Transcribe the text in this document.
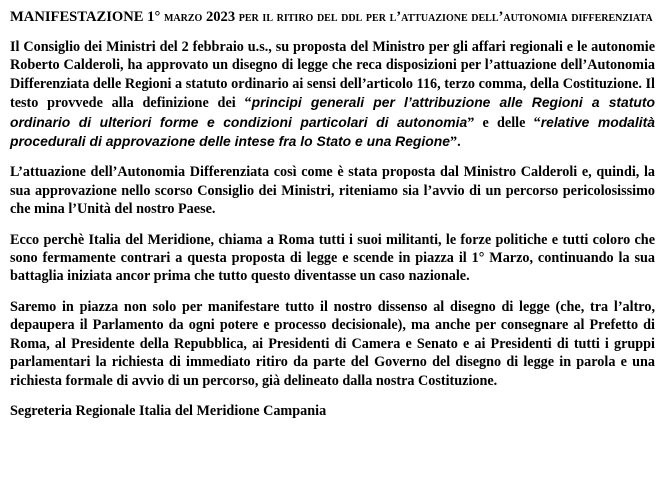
MANIFESTAZIONE 1° marzo 2023 per il ritiro del ddl per l’attuazione dell’autonomia differenziata

Il Consiglio dei Ministri del 2 febbraio u.s., su proposta del Ministro per gli affari regionali e le autonomie Roberto Calderoli, ha approvato un disegno di legge che reca disposizioni per l’attuazione dell’Autonomia Differenziata delle Regioni a statuto ordinario ai sensi dell’articolo 116, terzo comma, della Costituzione. Il testo provvede alla definizione dei “principi generali per l’attribuzione alle Regioni a statuto ordinario di ulteriori forme e condizioni particolari di autonomia” e delle “relative modalità procedurali di approvazione delle intese fra lo Stato e una Regione”.

L’attuazione dell’Autonomia Differenziata così come è stata proposta dal Ministro Calderoli e, quindi, la sua approvazione nello scorso Consiglio dei Ministri, riteniamo sia l’avvio di un percorso pericolosissimo che mina l’Unità del nostro Paese.

Ecco perchè Italia del Meridione, chiama a Roma tutti i suoi militanti, le forze politiche e tutti coloro che sono fermamente contrari a questa proposta di legge e scende in piazza il 1° Marzo, continuando la sua battaglia iniziata ancor prima che tutto questo diventasse un caso nazionale.

Saremo in piazza non solo per manifestare tutto il nostro dissenso al disegno di legge (che, tra l’altro, depaupera il Parlamento da ogni potere e processo decisionale), ma anche per consegnare al Prefetto di Roma, al Presidente della Repubblica, ai Presidenti di Camera e Senato e ai Presidenti di tutti i gruppi parlamentari la richiesta di immediato ritiro da parte del Governo del disegno di legge in parola e una richiesta formale di avvio di un percorso, già delineato dalla nostra Costituzione.

Segreteria Regionale Italia del Meridione Campania
